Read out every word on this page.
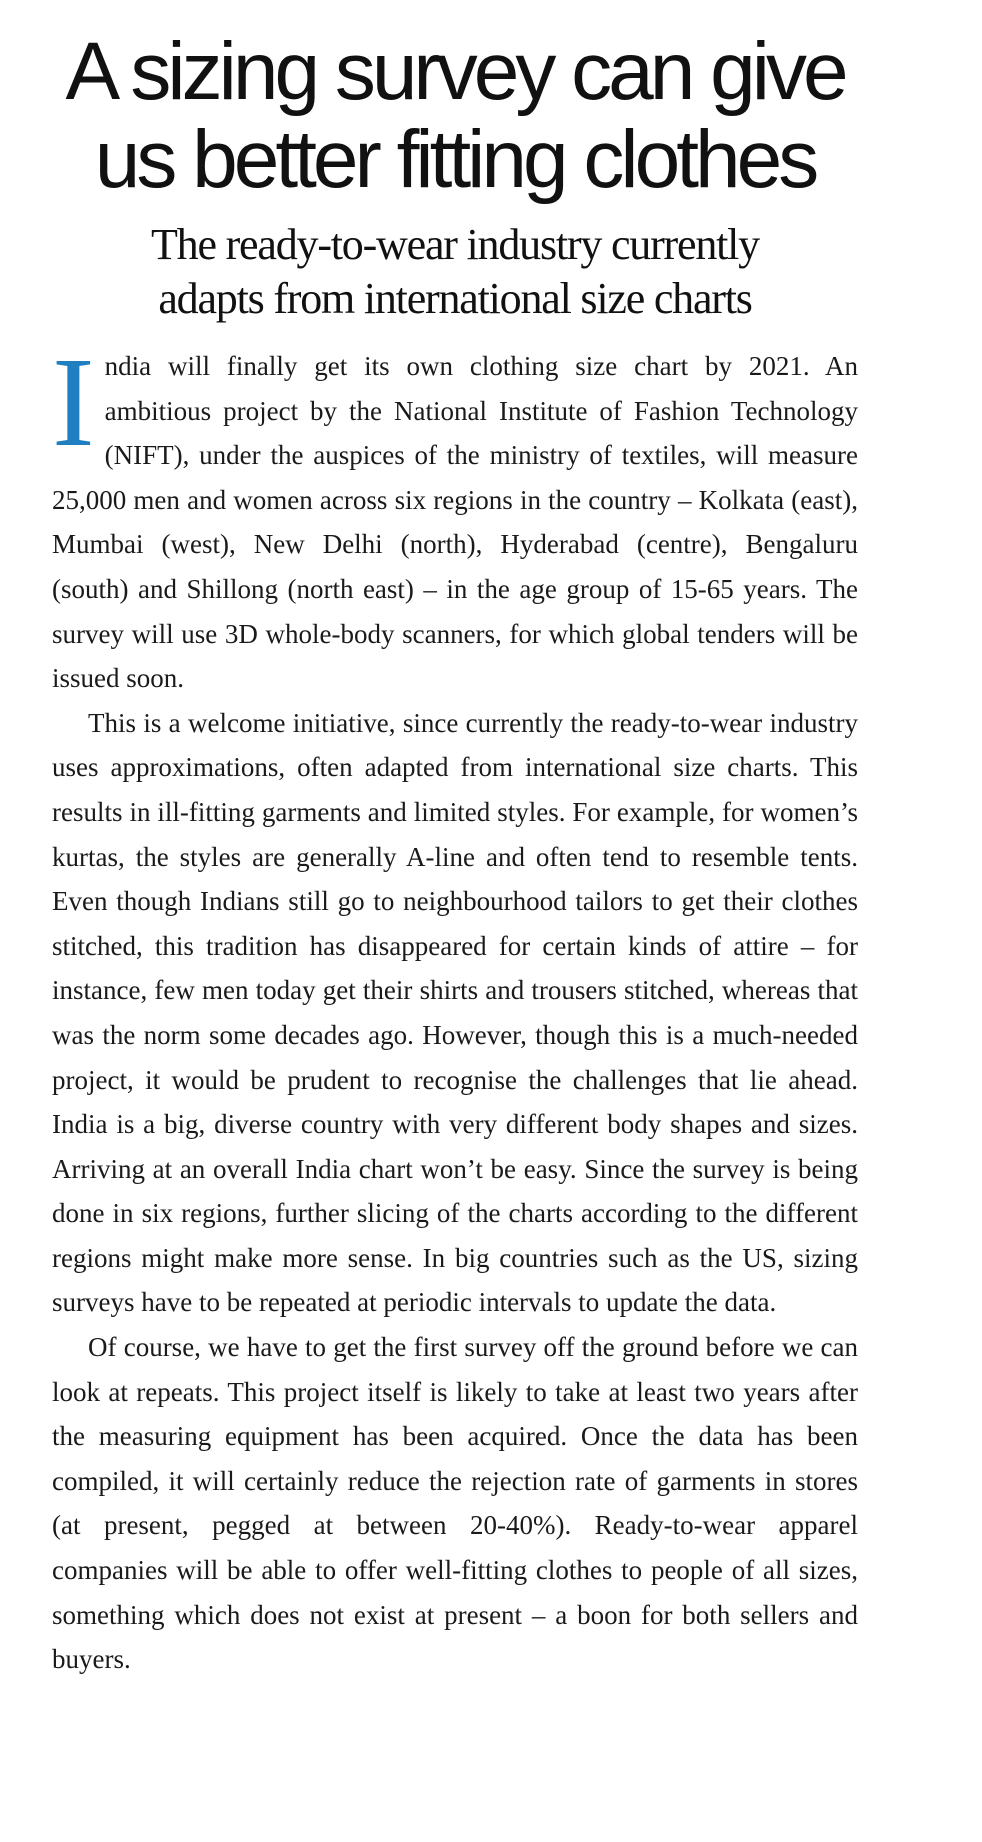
A sizing survey can give
us better fitting clothes
The ready-to-wear industry currently
adapts from international size charts

India will finally get its own clothing size chart by 2021. An ambitious project by the National Institute of Fashion Technology (NIFT), under the auspices of the ministry of textiles, will measure 25,000 men and women across six regions in the country – Kolkata (east), Mumbai (west), New Delhi (north), Hyderabad (centre), Bengaluru (south) and Shillong (north east) – in the age group of 15-65 years. The survey will use 3D whole-body scanners, for which global tenders will be issued soon.

This is a welcome initiative, since currently the ready-to-wear industry uses approximations, often adapted from international size charts. This results in ill-fitting garments and limited styles. For example, for women’s kurtas, the styles are generally A-line and often tend to resemble tents. Even though Indians still go to neighbourhood tailors to get their clothes stitched, this tradition has disappeared for certain kinds of attire – for instance, few men today get their shirts and trousers stitched, whereas that was the norm some decades ago. However, though this is a much-needed project, it would be prudent to recognise the challenges that lie ahead. India is a big, diverse country with very different body shapes and sizes. Arriving at an overall India chart won’t be easy. Since the survey is being done in six regions, further slicing of the charts according to the different regions might make more sense. In big countries such as the US, sizing surveys have to be repeated at periodic intervals to update the data.

Of course, we have to get the first survey off the ground before we can look at repeats. This project itself is likely to take at least two years after the measuring equipment has been acquired. Once the data has been compiled, it will certainly reduce the rejection rate of garments in stores (at present, pegged at between 20-40%). Ready-to-wear apparel companies will be able to offer well-fitting clothes to people of all sizes, something which does not exist at present – a boon for both sellers and buyers.
